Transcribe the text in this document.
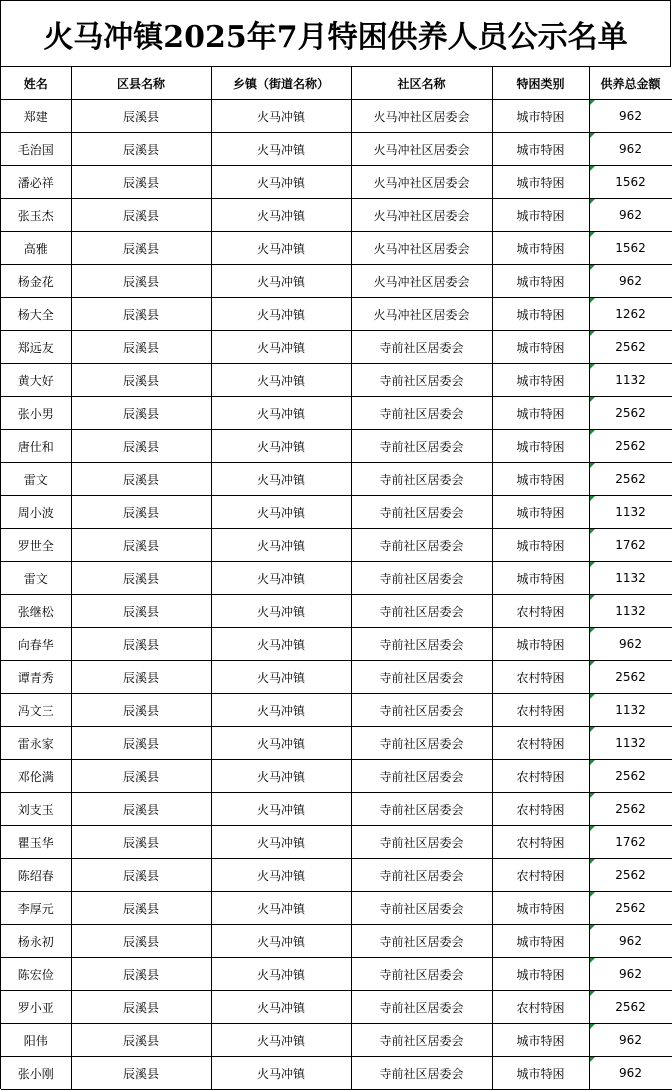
火马冲镇2025年7月特困供养人员公示名单
姓名	区县名称	乡镇（街道名称）	社区名称	特困类别	供养总金额
郑建	辰溪县	火马冲镇	火马冲社区居委会	城市特困	962
毛治国	辰溪县	火马冲镇	火马冲社区居委会	城市特困	962
潘必祥	辰溪县	火马冲镇	火马冲社区居委会	城市特困	1562
张玉杰	辰溪县	火马冲镇	火马冲社区居委会	城市特困	962
高雅	辰溪县	火马冲镇	火马冲社区居委会	城市特困	1562
杨金花	辰溪县	火马冲镇	火马冲社区居委会	城市特困	962
杨大全	辰溪县	火马冲镇	火马冲社区居委会	城市特困	1262
郑远友	辰溪县	火马冲镇	寺前社区居委会	城市特困	2562
黄大好	辰溪县	火马冲镇	寺前社区居委会	城市特困	1132
张小男	辰溪县	火马冲镇	寺前社区居委会	城市特困	2562
唐仕和	辰溪县	火马冲镇	寺前社区居委会	城市特困	2562
雷文	辰溪县	火马冲镇	寺前社区居委会	城市特困	2562
周小波	辰溪县	火马冲镇	寺前社区居委会	城市特困	1132
罗世全	辰溪县	火马冲镇	寺前社区居委会	城市特困	1762
雷文	辰溪县	火马冲镇	寺前社区居委会	城市特困	1132
张继松	辰溪县	火马冲镇	寺前社区居委会	农村特困	1132
向春华	辰溪县	火马冲镇	寺前社区居委会	城市特困	962
谭青秀	辰溪县	火马冲镇	寺前社区居委会	农村特困	2562
冯文三	辰溪县	火马冲镇	寺前社区居委会	农村特困	1132
雷永家	辰溪县	火马冲镇	寺前社区居委会	农村特困	1132
邓伦满	辰溪县	火马冲镇	寺前社区居委会	农村特困	2562
刘支玉	辰溪县	火马冲镇	寺前社区居委会	农村特困	2562
瞿玉华	辰溪县	火马冲镇	寺前社区居委会	农村特困	1762
陈绍春	辰溪县	火马冲镇	寺前社区居委会	农村特困	2562
李厚元	辰溪县	火马冲镇	寺前社区居委会	城市特困	2562
杨永初	辰溪县	火马冲镇	寺前社区居委会	城市特困	962
陈宏俭	辰溪县	火马冲镇	寺前社区居委会	城市特困	962
罗小亚	辰溪县	火马冲镇	寺前社区居委会	农村特困	2562
阳伟	辰溪县	火马冲镇	寺前社区居委会	城市特困	962
张小刚	辰溪县	火马冲镇	寺前社区居委会	城市特困	962
